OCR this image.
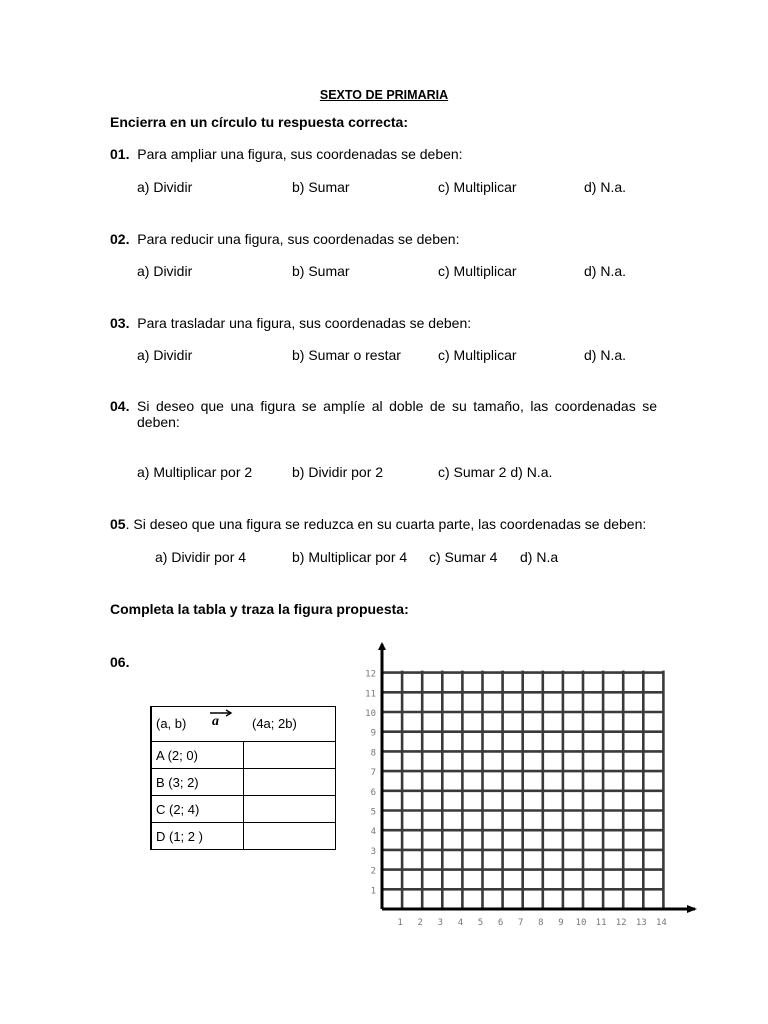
SEXTO DE PRIMARIA
Encierra en un círculo tu respuesta correcta:
01. Para ampliar una figura, sus coordenadas se deben:
a) Dividir	b) Sumar	c) Multiplicar	d) N.a.
02. Para reducir una figura, sus coordenadas se deben:
a) Dividir	b) Sumar	c) Multiplicar	d) N.a.
03. Para trasladar una figura, sus coordenadas se deben:
a) Dividir	b) Sumar o restar	c) Multiplicar	d) N.a.
04. Si deseo que una figura se amplíe al doble de su tamaño, las coordenadas se deben:
a) Multiplicar por 2	b) Dividir por 2	c) Sumar 2 d) N.a.
05. Si deseo que una figura se reduzca en su cuarta parte, las coordenadas se deben:
a) Dividir por 4	b) Multiplicar por 4 c) Sumar 4 d) N.a
Completa la tabla y traza la figura propuesta:
06.
(a, b) a (4a; 2b)	

A (2; 0)	
B (3; 2)	
C (2; 4)	
D (1; 2 )	
1 2 3 4 5 6 7 8 9 10 11 12 13 14
1
2
3
4
5
6
7
8
9
10
11
12
